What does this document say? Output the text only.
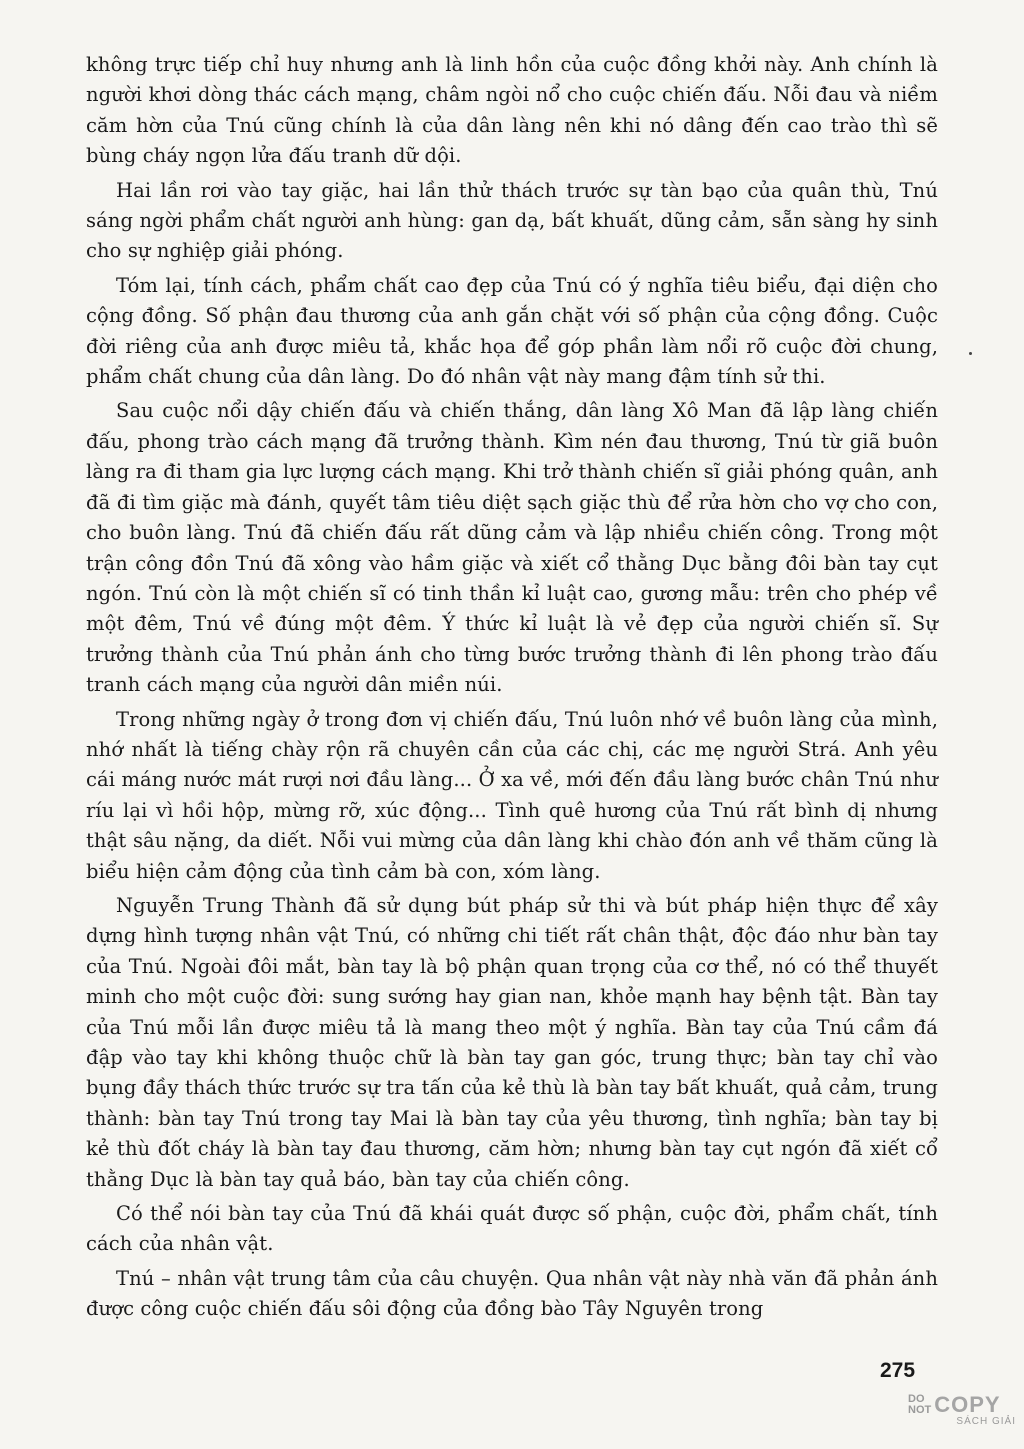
không trực tiếp chỉ huy nhưng anh là linh hồn của cuộc đồng khởi này. Anh chính là người khơi dòng thác cách mạng, châm ngòi nổ cho cuộc chiến đấu. Nỗi đau và niềm căm hờn của Tnú cũng chính là của dân làng nên khi nó dâng đến cao trào thì sẽ bùng cháy ngọn lửa đấu tranh dữ dội.

Hai lần rơi vào tay giặc, hai lần thử thách trước sự tàn bạo của quân thù, Tnú sáng ngời phẩm chất người anh hùng: gan dạ, bất khuất, dũng cảm, sẵn sàng hy sinh cho sự nghiệp giải phóng.

Tóm lại, tính cách, phẩm chất cao đẹp của Tnú có ý nghĩa tiêu biểu, đại diện cho cộng đồng. Số phận đau thương của anh gắn chặt với số phận của cộng đồng. Cuộc đời riêng của anh được miêu tả, khắc họa để góp phần làm nổi rõ cuộc đời chung, phẩm chất chung của dân làng. Do đó nhân vật này mang đậm tính sử thi.

Sau cuộc nổi dậy chiến đấu và chiến thắng, dân làng Xô Man đã lập làng chiến đấu, phong trào cách mạng đã trưởng thành. Kìm nén đau thương, Tnú từ giã buôn làng ra đi tham gia lực lượng cách mạng. Khi trở thành chiến sĩ giải phóng quân, anh đã đi tìm giặc mà đánh, quyết tâm tiêu diệt sạch giặc thù để rửa hờn cho vợ cho con, cho buôn làng. Tnú đã chiến đấu rất dũng cảm và lập nhiều chiến công. Trong một trận công đồn Tnú đã xông vào hầm giặc và xiết cổ thằng Dục bằng đôi bàn tay cụt ngón. Tnú còn là một chiến sĩ có tinh thần kỉ luật cao, gương mẫu: trên cho phép về một đêm, Tnú về đúng một đêm. Ý thức kỉ luật là vẻ đẹp của người chiến sĩ. Sự trưởng thành của Tnú phản ánh cho từng bước trưởng thành đi lên phong trào đấu tranh cách mạng của người dân miền núi.

Trong những ngày ở trong đơn vị chiến đấu, Tnú luôn nhớ về buôn làng của mình, nhớ nhất là tiếng chày rộn rã chuyên cần của các chị, các mẹ người Strá. Anh yêu cái máng nước mát rượi nơi đầu làng... Ở xa về, mới đến đầu làng bước chân Tnú như ríu lại vì hồi hộp, mừng rỡ, xúc động... Tình quê hương của Tnú rất bình dị nhưng thật sâu nặng, da diết. Nỗi vui mừng của dân làng khi chào đón anh về thăm cũng là biểu hiện cảm động của tình cảm bà con, xóm làng.

Nguyễn Trung Thành đã sử dụng bút pháp sử thi và bút pháp hiện thực để xây dựng hình tượng nhân vật Tnú, có những chi tiết rất chân thật, độc đáo như bàn tay của Tnú. Ngoài đôi mắt, bàn tay là bộ phận quan trọng của cơ thể, nó có thể thuyết minh cho một cuộc đời: sung sướng hay gian nan, khỏe mạnh hay bệnh tật. Bàn tay của Tnú mỗi lần được miêu tả là mang theo một ý nghĩa. Bàn tay của Tnú cầm đá đập vào tay khi không thuộc chữ là bàn tay gan góc, trung thực; bàn tay chỉ vào bụng đầy thách thức trước sự tra tấn của kẻ thù là bàn tay bất khuất, quả cảm, trung thành: bàn tay Tnú trong tay Mai là bàn tay của yêu thương, tình nghĩa; bàn tay bị kẻ thù đốt cháy là bàn tay đau thương, căm hờn; nhưng bàn tay cụt ngón đã xiết cổ thằng Dục là bàn tay quả báo, bàn tay của chiến công.

Có thể nói bàn tay của Tnú đã khái quát được số phận, cuộc đời, phẩm chất, tính cách của nhân vật.

Tnú – nhân vật trung tâm của câu chuyện. Qua nhân vật này nhà văn đã phản ánh được công cuộc chiến đấu sôi động của đồng bào Tây Nguyên trong

275
DO
NOT COPY
SÁCH GIẢI
